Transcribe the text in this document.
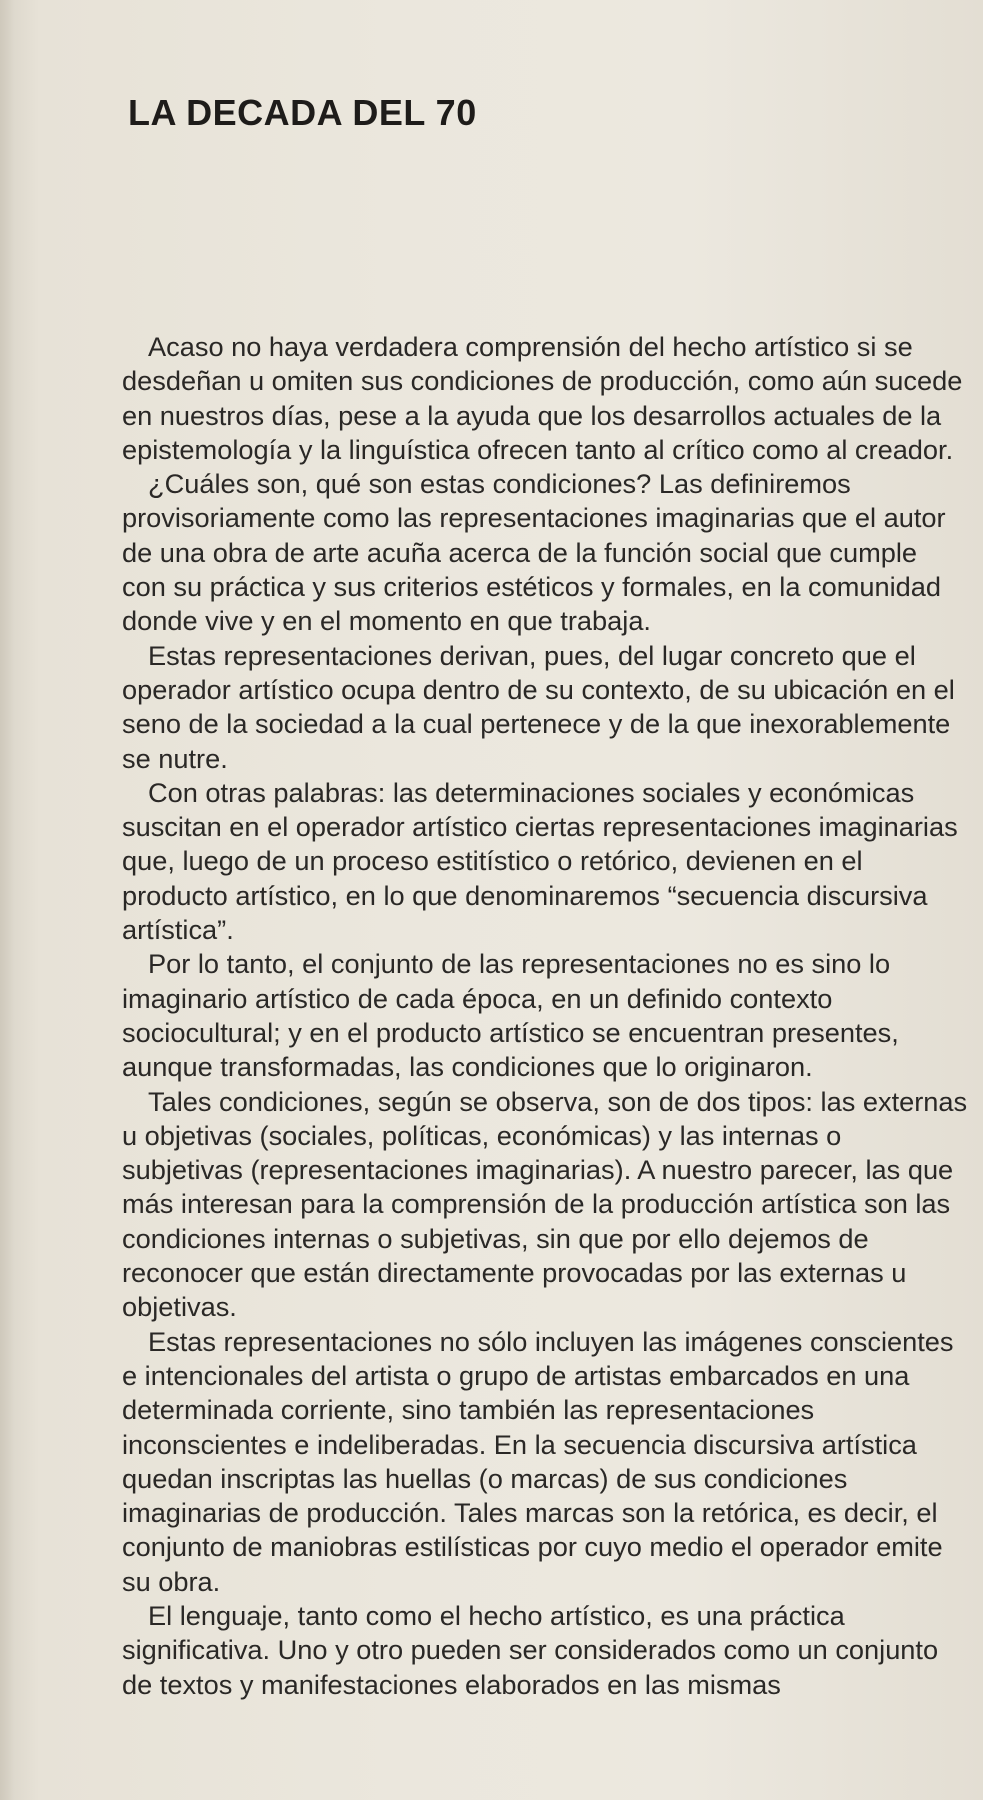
LA DECADA DEL 70

Acaso no haya verdadera comprensión del hecho artístico si se desdeñan u omiten sus condiciones de producción, como aún sucede en nuestros días, pese a la ayuda que los desarrollos actuales de la epistemología y la linguística ofrecen tanto al crítico como al creador.

¿Cuáles son, qué son estas condiciones? Las definiremos provisoriamente como las representaciones imaginarias que el autor de una obra de arte acuña acerca de la función social que cumple con su práctica y sus criterios estéticos y formales, en la comunidad donde vive y en el momento en que trabaja.

Estas representaciones derivan, pues, del lugar concreto que el operador artístico ocupa dentro de su contexto, de su ubicación en el seno de la sociedad a la cual pertenece y de la que inexorablemente se nutre.

Con otras palabras: las determinaciones sociales y económicas suscitan en el operador artístico ciertas representaciones imaginarias que, luego de un proceso estitístico o retórico, devienen en el producto artístico, en lo que denominaremos “secuencia discursiva artística”.

Por lo tanto, el conjunto de las representaciones no es sino lo imaginario artístico de cada época, en un definido contexto sociocultural; y en el producto artístico se encuentran presentes, aunque transformadas, las condiciones que lo originaron.

Tales condiciones, según se observa, son de dos tipos: las externas u objetivas (sociales, políticas, económicas) y las internas o subjetivas (representaciones imaginarias). A nuestro parecer, las que más interesan para la comprensión de la producción artística son las condiciones internas o subjetivas, sin que por ello dejemos de reconocer que están directamente provocadas por las externas u objetivas.

Estas representaciones no sólo incluyen las imágenes conscientes e intencionales del artista o grupo de artistas embarcados en una determinada corriente, sino también las representaciones inconscientes e indeliberadas. En la secuencia discursiva artística quedan inscriptas las huellas (o marcas) de sus condiciones imaginarias de producción. Tales marcas son la retórica, es decir, el conjunto de maniobras estilísticas por cuyo medio el operador emite su obra.

El lenguaje, tanto como el hecho artístico, es una práctica significativa. Uno y otro pueden ser considerados como un conjunto de textos y manifestaciones elaborados en las mismas
